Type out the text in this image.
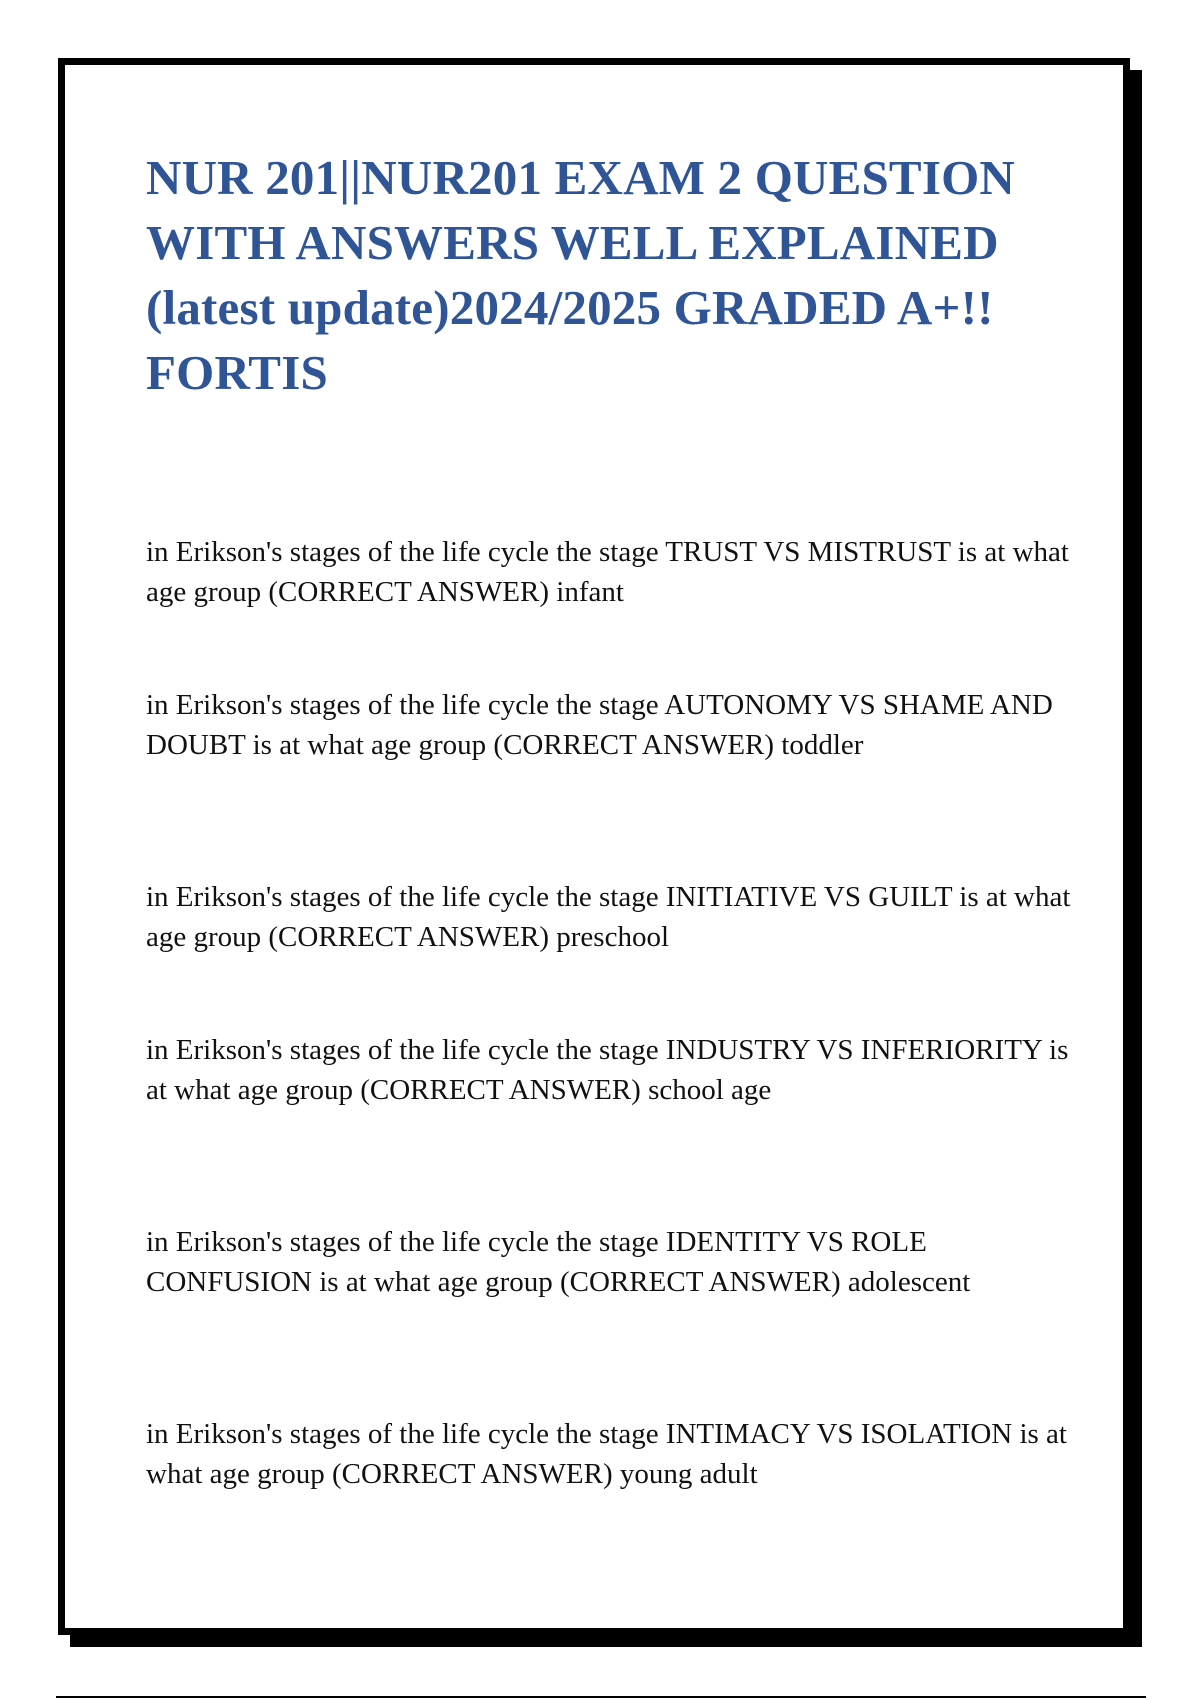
NUR 201||NUR201 EXAM 2 QUESTION WITH ANSWERS WELL EXPLAINED (latest update)2024/2025 GRADED A+!! FORTIS

in Erikson's stages of the life cycle the stage TRUST VS MISTRUST is at what age group (CORRECT ANSWER) infant

in Erikson's stages of the life cycle the stage AUTONOMY VS SHAME AND DOUBT is at what age group (CORRECT ANSWER) toddler

in Erikson's stages of the life cycle the stage INITIATIVE VS GUILT is at what age group (CORRECT ANSWER) preschool

in Erikson's stages of the life cycle the stage INDUSTRY VS INFERIORITY is at what age group (CORRECT ANSWER) school age

in Erikson's stages of the life cycle the stage IDENTITY VS ROLE CONFUSION is at what age group (CORRECT ANSWER) adolescent

in Erikson's stages of the life cycle the stage INTIMACY VS ISOLATION is at what age group (CORRECT ANSWER) young adult
